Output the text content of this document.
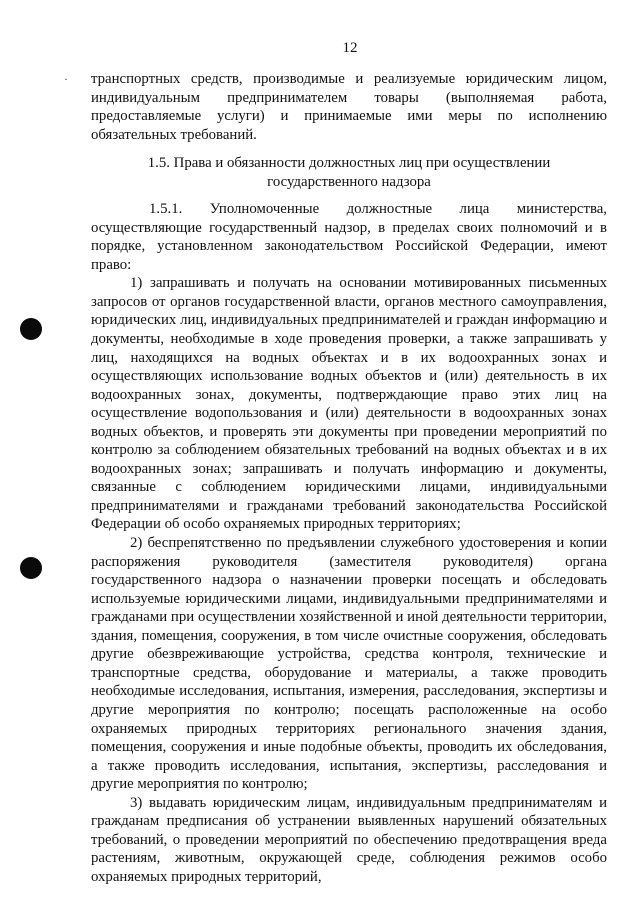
·
12

транспортных средств, производимые и реализуемые юридическим лицом, индивидуальным предпринимателем товары (выполняемая работа, предоставляемые услуги) и принимаемые ими меры по исполнению обязательных требований.

1.5. Права и обязанности должностных лиц при осуществлении
государственного надзора

1.5.1. Уполномоченные должностные лица министерства, осуществляющие государственный надзор, в пределах своих полномочий и в порядке, установленном законодательством Российской Федерации, имеют право:

1) запрашивать и получать на основании мотивированных письменных запросов от органов государственной власти, органов местного самоуправления, юридических лиц, индивидуальных предпринимателей и граждан информацию и документы, необходимые в ходе проведения проверки, а также запрашивать у лиц, находящихся на водных объектах и в их водоохранных зонах и осуществляющих использование водных объектов и (или) деятельность в их водоохранных зонах, документы, подтверждающие право этих лиц на осуществление водопользования и (или) деятельности в водоохранных зонах водных объектов, и проверять эти документы при проведении мероприятий по контролю за соблюдением обязательных требований на водных объектах и в их водоохранных зонах; запрашивать и получать информацию и документы, связанные с соблюдением юридическими лицами, индивидуальными предпринимателями и гражданами требований законодательства Российской Федерации об особо охраняемых природных территориях;

2) беспрепятственно по предъявлении служебного удостоверения и копии распоряжения руководителя (заместителя руководителя) органа государственного надзора о назначении проверки посещать и обследовать используемые юридическими лицами, индивидуальными предпринимателями и гражданами при осуществлении хозяйственной и иной деятельности территории, здания, помещения, сооружения, в том числе очистные сооружения, обследовать другие обезвреживающие устройства, средства контроля, технические и транспортные средства, оборудование и материалы, а также проводить необходимые исследования, испытания, измерения, расследования, экспертизы и другие мероприятия по контролю; посещать расположенные на особо охраняемых природных территориях регионального значения здания, помещения, сооружения и иные подобные объекты, проводить их обследования, а также проводить исследования, испытания, экспертизы, расследования и другие мероприятия по контролю;

3) выдавать юридическим лицам, индивидуальным предпринимателям и гражданам предписания об устранении выявленных нарушений обязательных требований, о проведении мероприятий по обеспечению предотвращения вреда растениям, животным, окружающей среде, соблюдения режимов особо охраняемых природных территорий,
